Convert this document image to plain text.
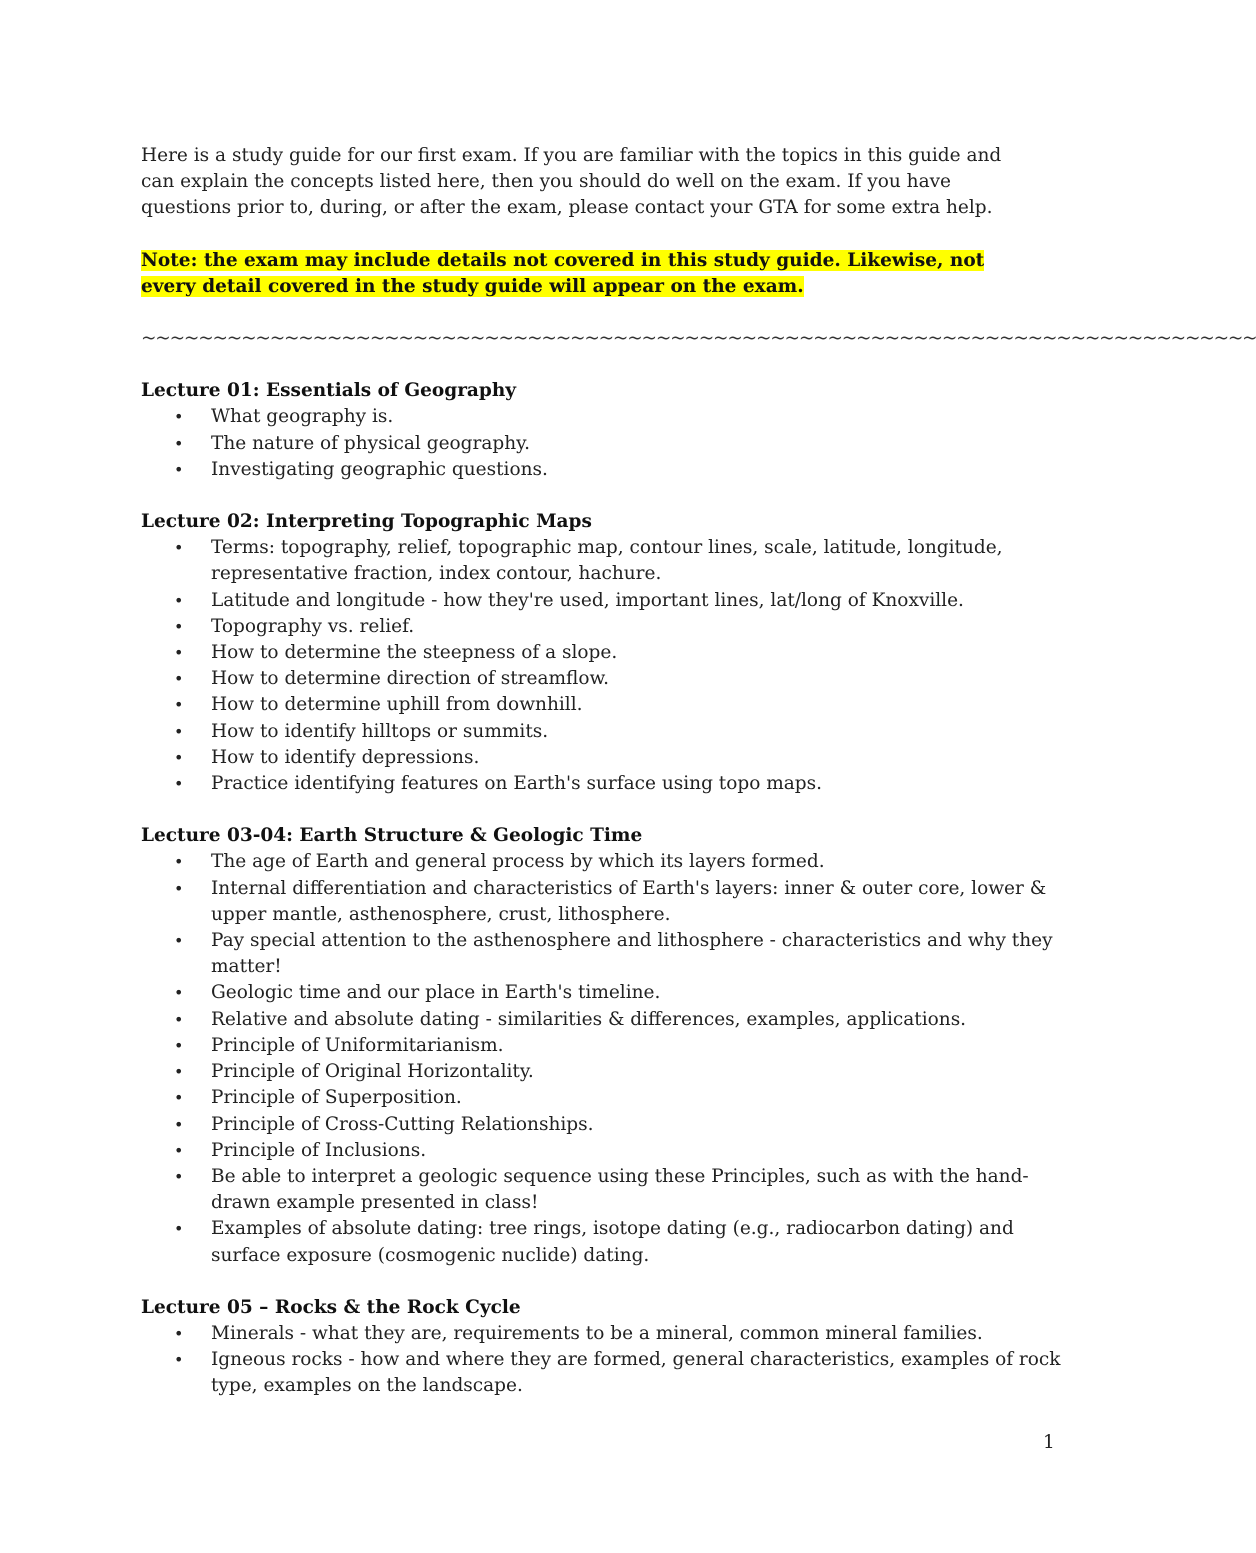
Here is a study guide for our first exam. If you are familiar with the topics in this guide and

can explain the concepts listed here, then you should do well on the exam. If you have

questions prior to, during, or after the exam, please contact your GTA for some extra help.

Note: the exam may include details not covered in this study guide. Likewise, not
every detail covered in the study guide will appear on the exam.
~~~~~~~~~~~~~~~~~~~~~~~~~~~~~~~~~~~~~~~~~~~~~~~~~~~~~~~~~~~~~~~~~~~~~~~~~~~~~~
Lecture 01: Essentials of Geography
• What geography is.
• The nature of physical geography.
• Investigating geographic questions.
Lecture 02: Interpreting Topographic Maps
• Terms: topography, relief, topographic map, contour lines, scale, latitude, longitude, representative fraction, index contour, hachure.
• Latitude and longitude - how they're used, important lines, lat/long of Knoxville.
• Topography vs. relief.
• How to determine the steepness of a slope.
• How to determine direction of streamflow.
• How to determine uphill from downhill.
• How to identify hilltops or summits.
• How to identify depressions.
• Practice identifying features on Earth's surface using topo maps.
Lecture 03-04: Earth Structure & Geologic Time
• The age of Earth and general process by which its layers formed.
• Internal differentiation and characteristics of Earth's layers: inner & outer core, lower & upper mantle, asthenosphere, crust, lithosphere.
• Pay special attention to the asthenosphere and lithosphere - characteristics and why they matter!
• Geologic time and our place in Earth's timeline.
• Relative and absolute dating - similarities & differences, examples, applications.
• Principle of Uniformitarianism.
• Principle of Original Horizontality.
• Principle of Superposition.
• Principle of Cross-Cutting Relationships.
• Principle of Inclusions.
• Be able to interpret a geologic sequence using these Principles, such as with the hand-drawn example presented in class!
• Examples of absolute dating: tree rings, isotope dating (e.g., radiocarbon dating) and surface exposure (cosmogenic nuclide) dating.
Lecture 05 – Rocks & the Rock Cycle
• Minerals - what they are, requirements to be a mineral, common mineral families.
• Igneous rocks - how and where they are formed, general characteristics, examples of rock type, examples on the landscape.
1
